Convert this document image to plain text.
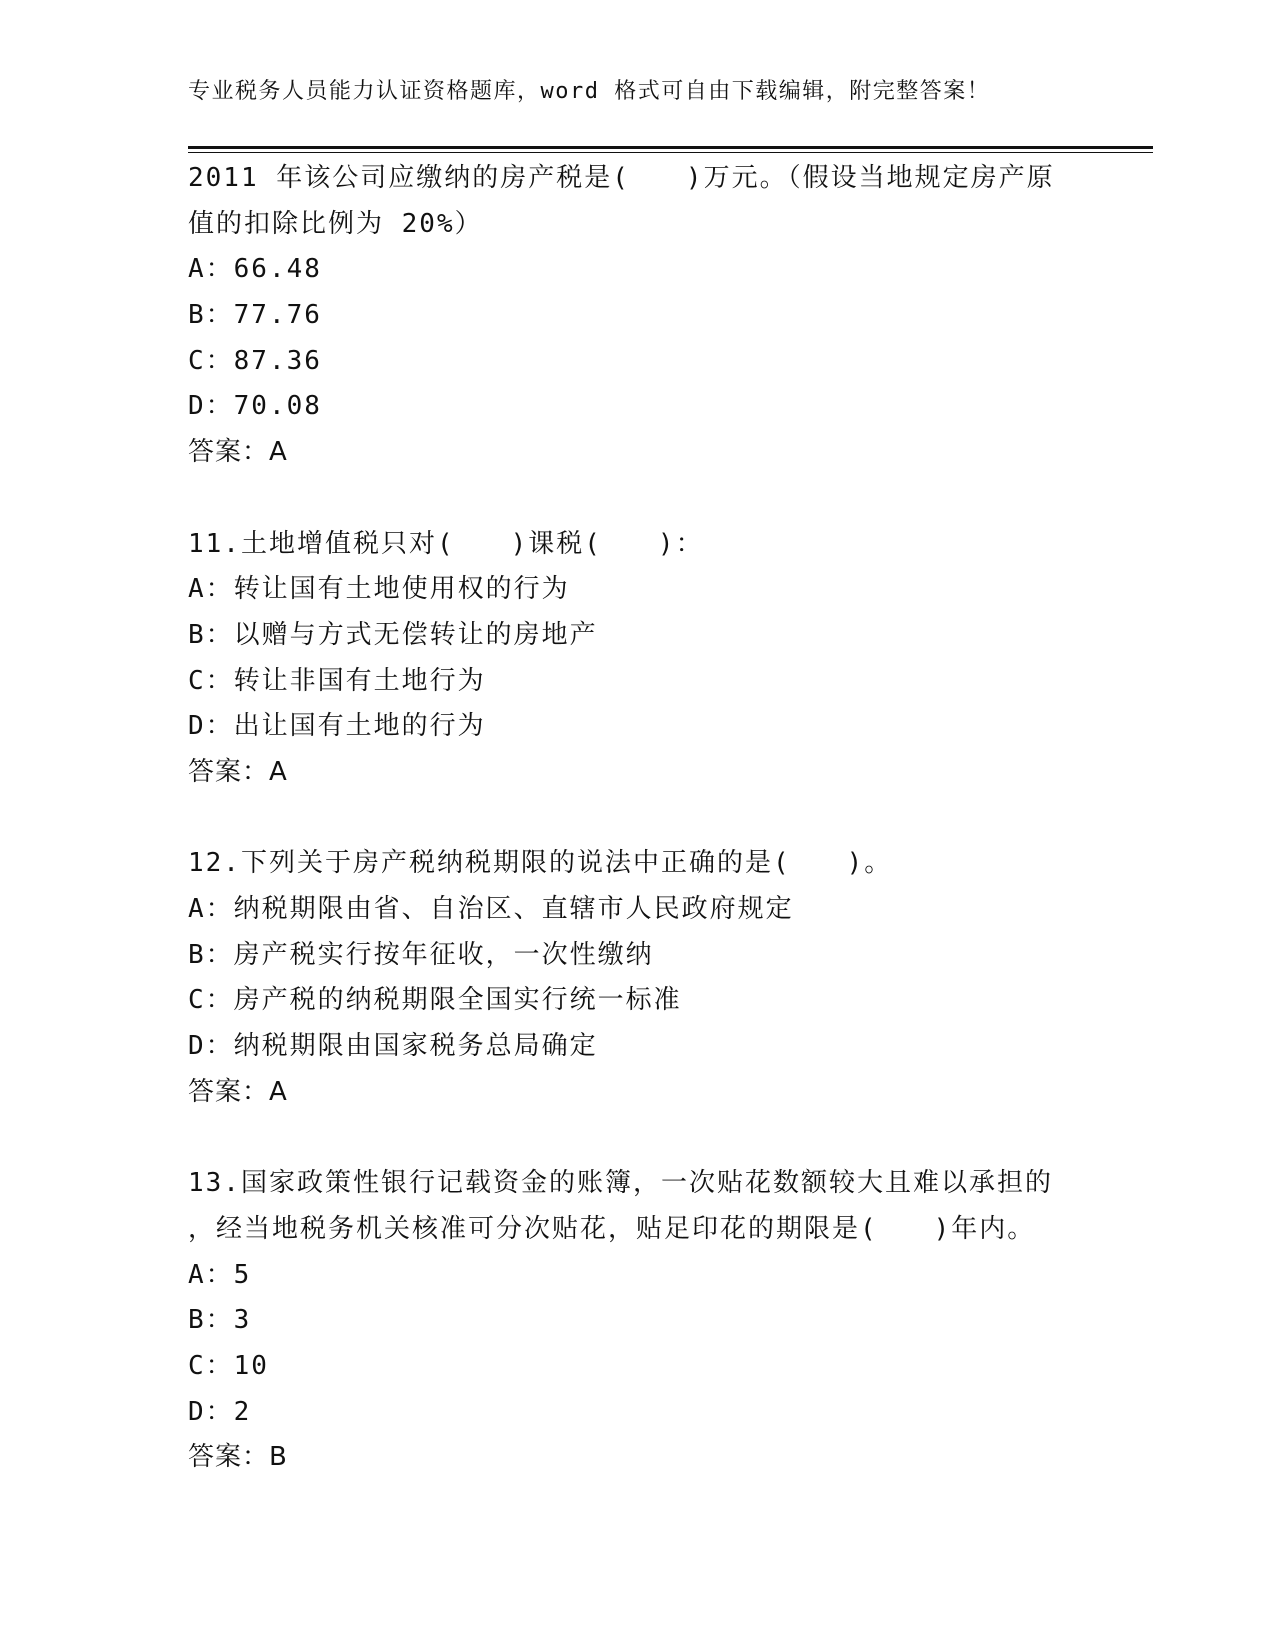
专业税务人员能力认证资格题库，word 格式可自由下载编辑，附完整答案！
2011 年该公司应缴纳的房产税是(　　)万元。（假设当地规定房产原
值的扣除比例为 20%）
A：66.48
B：77.76
C：87.36
D：70.08
答案：A
11.土地增值税只对(　　)课税(　　)：
A：转让国有土地使用权的行为
B：以赠与方式无偿转让的房地产
C：转让非国有土地行为
D：出让国有土地的行为
答案：A
12.下列关于房产税纳税期限的说法中正确的是(　　)。
A：纳税期限由省、自治区、直辖市人民政府规定
B：房产税实行按年征收，一次性缴纳
C：房产税的纳税期限全国实行统一标准
D：纳税期限由国家税务总局确定
答案：A
13.国家政策性银行记载资金的账簿，一次贴花数额较大且难以承担的
，经当地税务机关核准可分次贴花，贴足印花的期限是(　　)年内。
A：5
B：3
C：10
D：2
答案：B
